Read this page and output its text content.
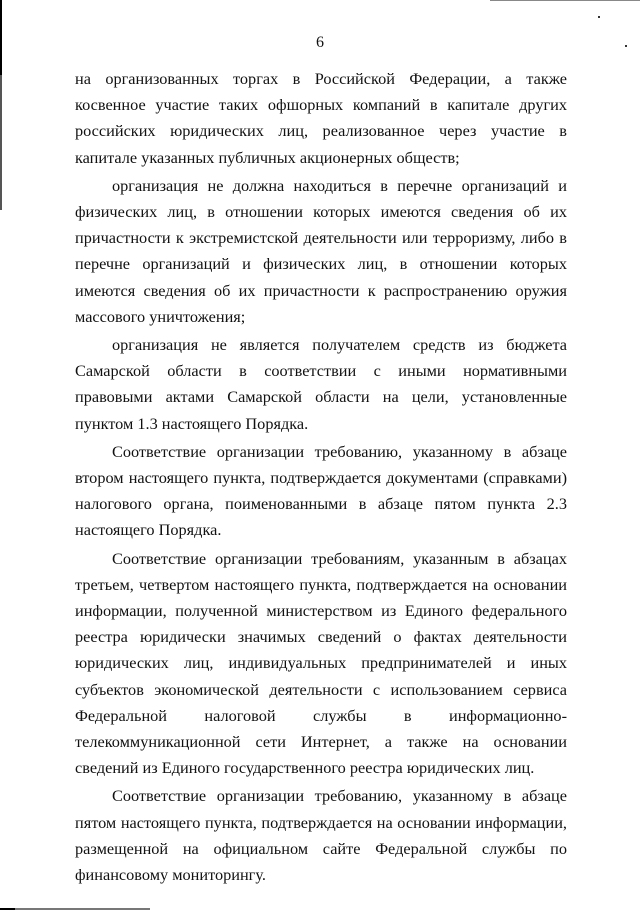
6

на организованных торгах в Российской Федерации, а также косвенное участие таких офшорных компаний в капитале других российских юридических лиц, реализованное через участие в капитале указанных публичных акционерных обществ;

организация не должна находиться в перечне организаций и физических лиц, в отношении которых имеются сведения об их причастности к экстремистской деятельности или терроризму, либо в перечне организаций и физических лиц, в отношении которых имеются сведения об их причастности к распространению оружия массового уничтожения;

организация не является получателем средств из бюджета Самарской области в соответствии с иными нормативными правовыми актами Самарской области на цели, установленные пунктом 1.3 настоящего Порядка.

Соответствие организации требованию, указанному в абзаце втором настоящего пункта, подтверждается документами (справками) налогового органа, поименованными в абзаце пятом пункта 2.3 настоящего Порядка.

Соответствие организации требованиям, указанным в абзацах третьем, четвертом настоящего пункта, подтверждается на основании информации, полученной министерством из Единого федерального реестра юридически значимых сведений о фактах деятельности юридических лиц, индивидуальных предпринимателей и иных субъектов экономической деятельности с использованием сервиса Федеральной налоговой службы в информационно-телекоммуникационной сети Интернет, а также на основании сведений из Единого государственного реестра юридических лиц.

Соответствие организации требованию, указанному в абзаце пятом настоящего пункта, подтверждается на основании информации, размещенной на официальном сайте Федеральной службы по финансовому мониторингу.
